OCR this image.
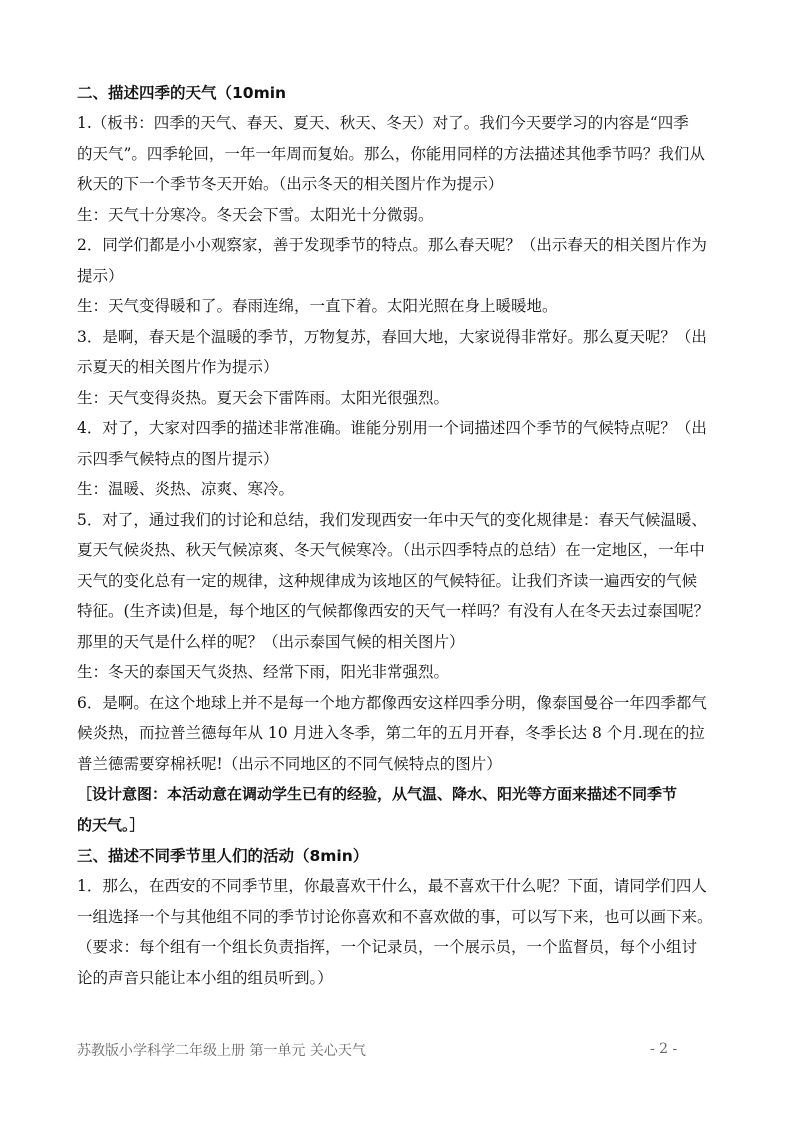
二、描述四季的天气（10min
1.（板书：四季的天气、春天、夏天、秋天、冬天）对了。我们今天要学习的内容是“四季
的天气”。四季轮回，一年一年周而复始。那么，你能用同样的方法描述其他季节吗？我们从
秋天的下一个季节冬天开始。（出示冬天的相关图片作为提示）
生：天气十分寒冷。冬天会下雪。太阳光十分微弱。
2．同学们都是小小观察家，善于发现季节的特点。那么春天呢？（出示春天的相关图片作为
提示）
生：天气变得暖和了。春雨连绵，一直下着。太阳光照在身上暖暖地。
3．是啊，春天是个温暖的季节，万物复苏，春回大地，大家说得非常好。那么夏天呢？（出
示夏天的相关图片作为提示）
生：天气变得炎热。夏天会下雷阵雨。太阳光很强烈。
4．对了，大家对四季的描述非常准确。谁能分别用一个词描述四个季节的气候特点呢？（出
示四季气候特点的图片提示）
生：温暖、炎热、凉爽、寒冷。
5．对了，通过我们的讨论和总结，我们发现西安一年中天气的变化规律是：春天气候温暖、
夏天气候炎热、秋天气候凉爽、冬天气候寒冷。（出示四季特点的总结）在一定地区，一年中
天气的变化总有一定的规律，这种规律成为该地区的气候特征。让我们齐读一遍西安的气候
特征。(生齐读)但是，每个地区的气候都像西安的天气一样吗？有没有人在冬天去过泰国呢？
那里的天气是什么样的呢？（出示泰国气候的相关图片）
生：冬天的泰国天气炎热、经常下雨，阳光非常强烈。
6．是啊。在这个地球上并不是每一个地方都像西安这样四季分明，像泰国曼谷一年四季都气
候炎热，而拉普兰德每年从 10 月进入冬季，第二年的五月开春，冬季长达 8 个月.现在的拉
普兰德需要穿棉袄呢!（出示不同地区的不同气候特点的图片）
［设计意图：本活动意在调动学生已有的经验，从气温、降水、阳光等方面来描述不同季节
的天气。］
三、描述不同季节里人们的活动（8min）
1．那么，在西安的不同季节里，你最喜欢干什么，最不喜欢干什么呢？下面，请同学们四人
一组选择一个与其他组不同的季节讨论你喜欢和不喜欢做的事，可以写下来，也可以画下来。
（要求：每个组有一个组长负责指挥，一个记录员，一个展示员，一个监督员，每个小组讨
论的声音只能让本小组的组员听到。）
苏教版小学科学二年级上册 第一单元 关心天气	- 2 -
